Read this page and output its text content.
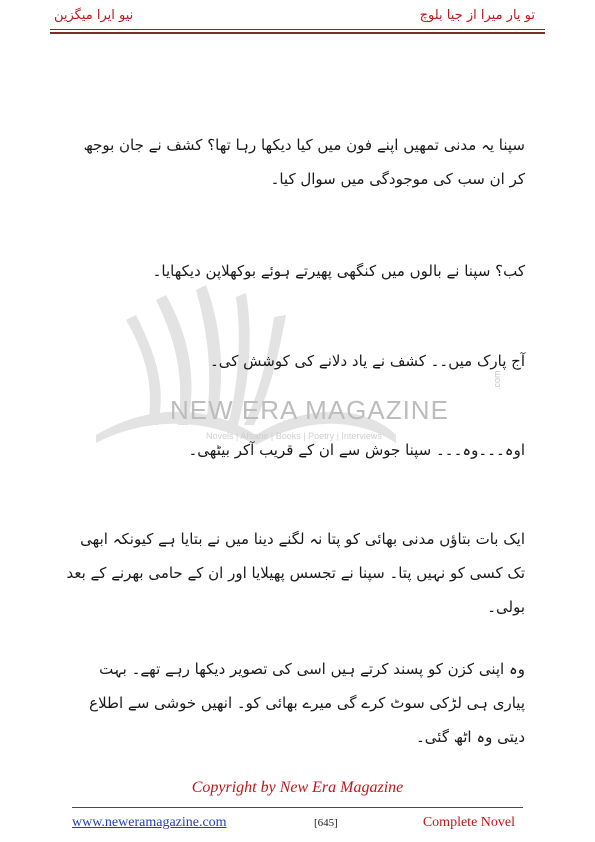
نیو ایرا میگزین	تو یار میرا از جیا بلوچ
NEW ERA MAGAZINE
.com
Novels | Afsane | Books | Poetry | Interviews
سپنا یہ مدنی تمھیں اپنے فون میں کیا دیکھا رہا تھا؟ کشف نے جان بوجھ کر ان سب کی موجودگی میں سوال کیا۔
کب؟ سپنا نے بالوں میں کنگھی پھیرتے ہوئے بوکھلاپن دیکھایا۔
آج پارک میں۔۔ کشف نے یاد دلانے کی کوشش کی۔
اوہ۔۔۔وہ۔۔۔ سپنا جوش سے ان کے قریب آکر بیٹھی۔
ایک بات بتاؤں مدنی بھائی کو پتا نہ لگنے دینا میں نے بتایا ہے کیونکہ ابھی تک کسی کو نہیں پتا۔ سپنا نے تجسس پھیلایا اور ان کے حامی بھرنے کے بعد بولی۔
وہ اپنی کزن کو پسند کرتے ہیں اسی کی تصویر دیکھا رہے تھے۔ بہت پیاری ہی لڑکی سوٹ کرے گی میرے بھائی کو۔ انھیں خوشی سے اطلاع دیتی وہ اٹھ گئی۔
Copyright by New Era Magazine
www.neweramagazine.com	[645]	Complete Novel
